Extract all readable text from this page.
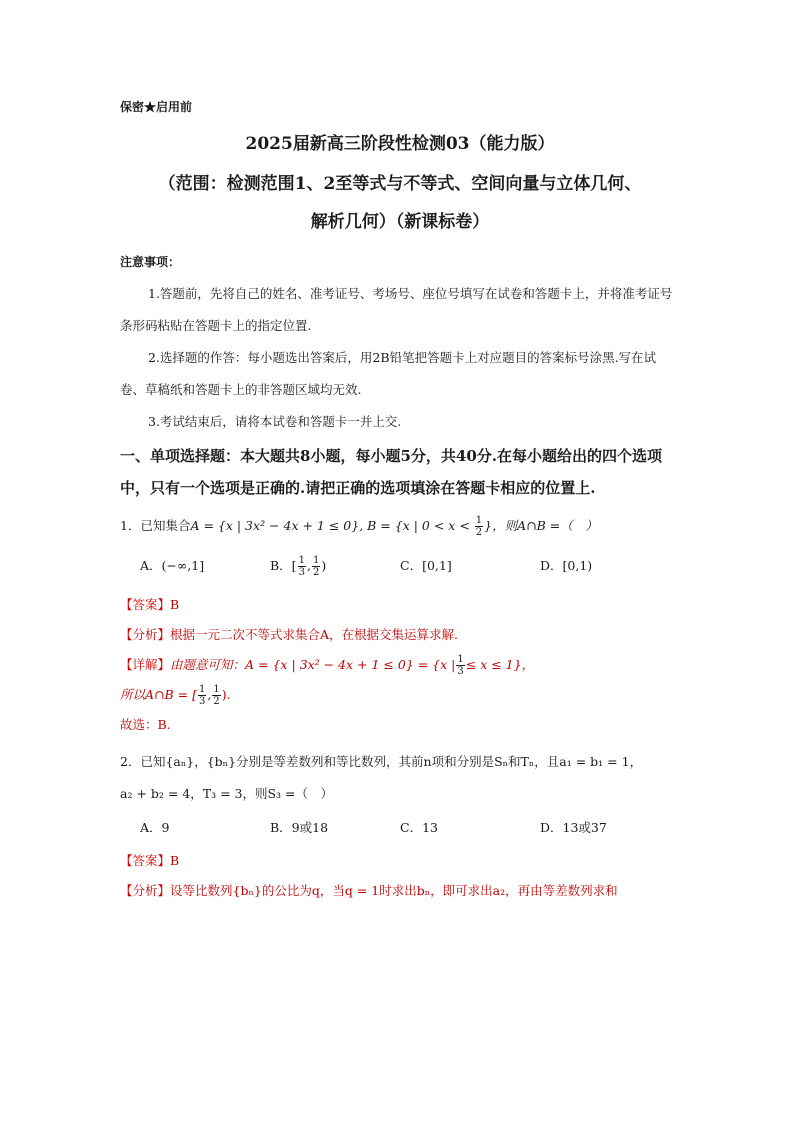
保密★启用前
2025届新高三阶段性检测03（能力版）
（范围：检测范围1、2至等式与不等式、空间向量与立体几何、
解析几何）（新课标卷）
注意事项：
1.答题前，先将自己的姓名、准考证号、考场号、座位号填写在试卷和答题卡上，并将准考证号条形码粘贴在答题卡上的指定位置.
2.选择题的作答：每小题选出答案后，用2B铅笔把答题卡上对应题目的答案标号涂黑.写在试卷、草稿纸和答题卡上的非答题区域均无效.
3.考试结束后，请将本试卷和答题卡一并上交.
一、单项选择题：本大题共8小题，每小题5分，共40分.在每小题给出的四个选项中，只有一个选项是正确的.请把正确的选项填涂在答题卡相应的位置上.
1．已知集合A = {x | 3x² − 4x + 1 ≤ 0}, B = {x | $0 < x < \frac{1}{2}$ }，则A∩B =（　）
A．(−∞,1]	B．[ $\frac{1}{3}$ , $\frac{1}{2}$ )	C．[0,1]	D．[0,1)
【答案】B
【分析】根据一元二次不等式求集合A，在根据交集运算求解.
【详解】由题意可知：A = {x | 3x² − 4x + 1 ≤ 0} = {x | $\frac{1}{3} \le x \le 1$}，
所以A∩B = [ $\frac{1}{3}$ , $\frac{1}{2}$ ).
故选：B.
2．已知{aₙ}，{bₙ}分别是等差数列和等比数列，其前n项和分别是Sₙ和Tₙ，且a₁ = b₁ = 1，
a₂ + b₂ = 4，T₃ = 3，则S₃ =（　）
A．9	B．9或18	C．13	D．13或37
【答案】B
【分析】设等比数列{bₙ}的公比为q，当q = 1时求出bₙ，即可求出a₂，再由等差数列求和
